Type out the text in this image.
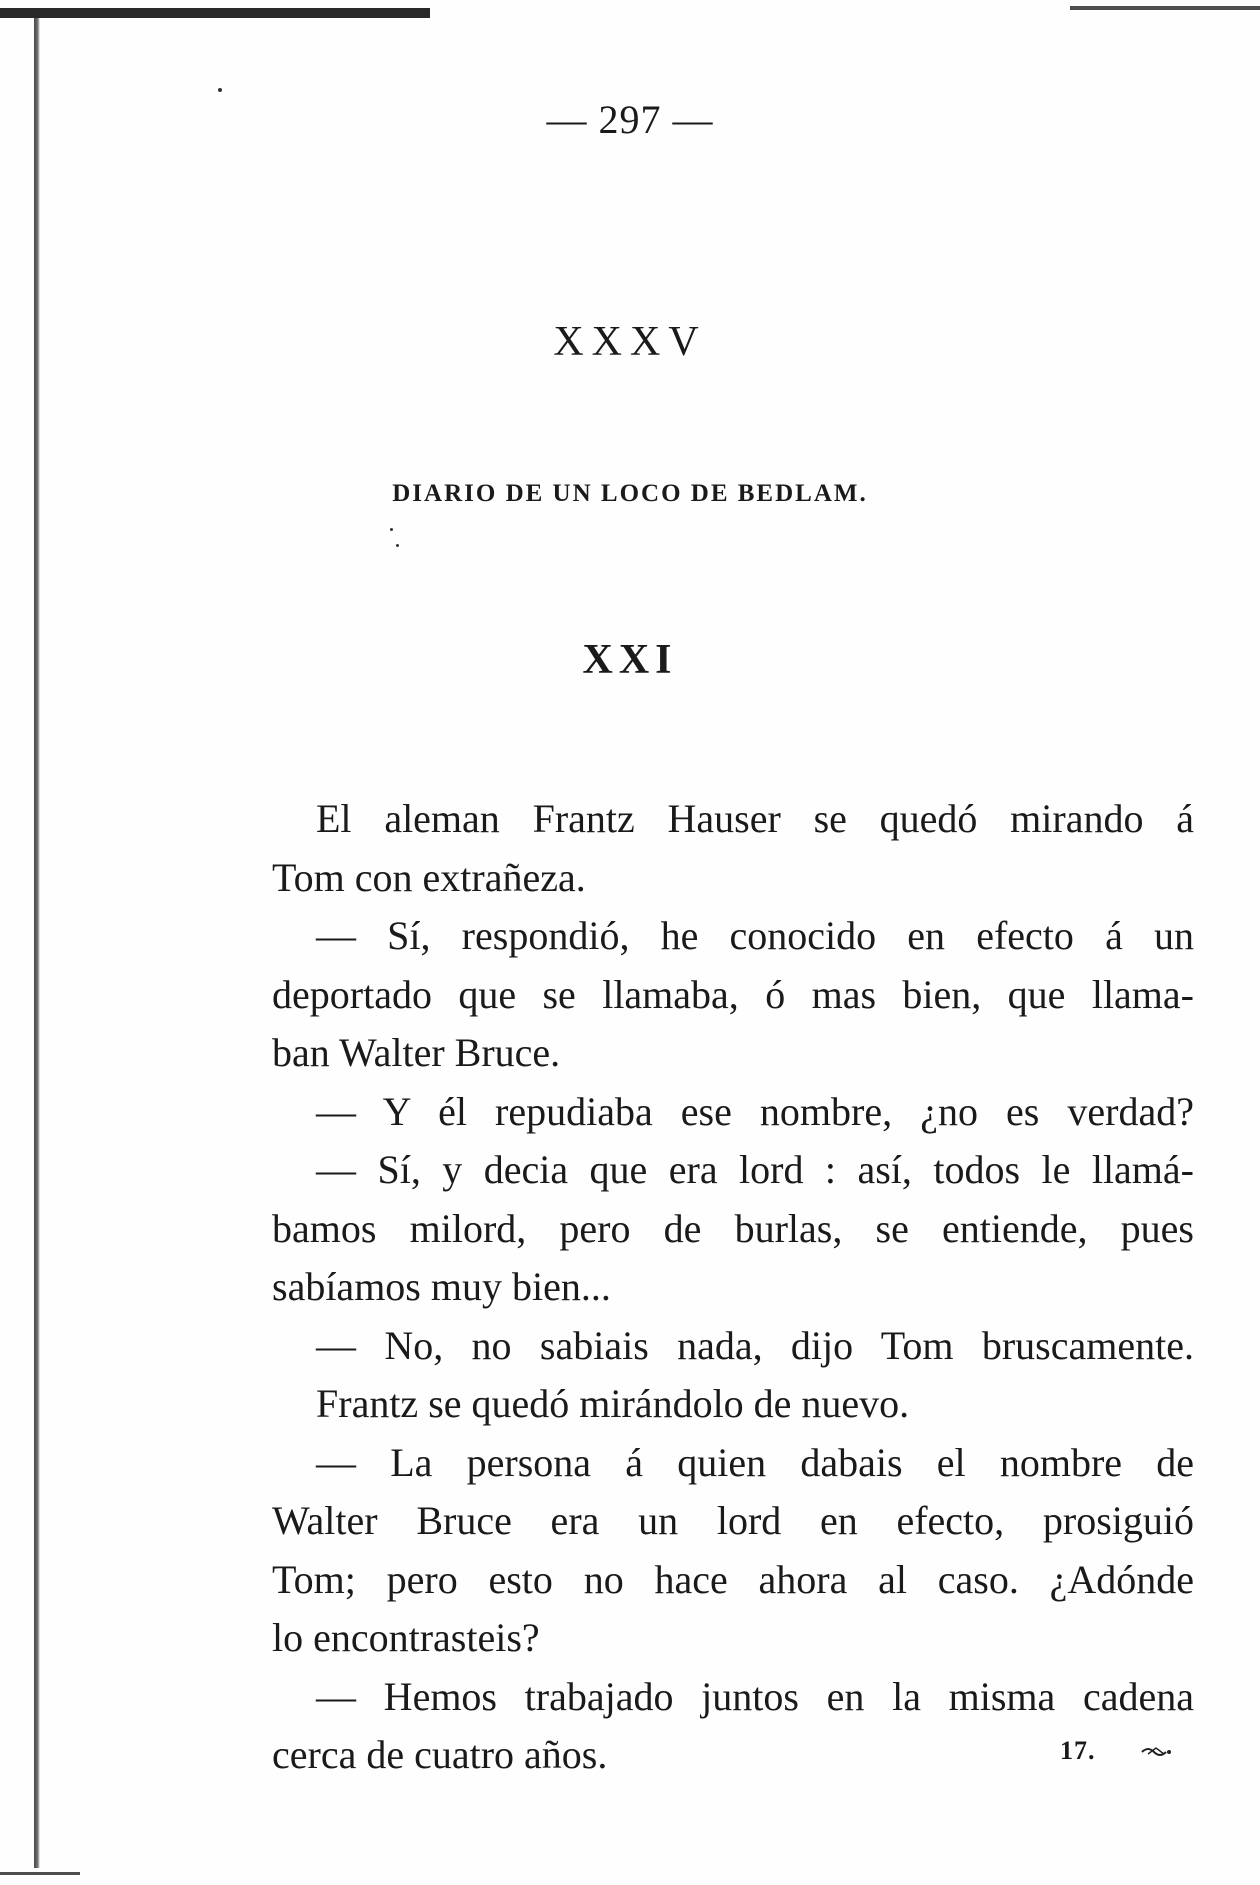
— 297 —
XXXV
DIARIO DE UN LOCO DE BEDLAM.
XXI
El aleman Frantz Hauser se quedó mirando á
Tom con extrañeza.
— Sí, respondió, he conocido en efecto á un
deportado que se llamaba, ó mas bien, que llama-
ban Walter Bruce.
— Y él repudiaba ese nombre, ¿no es verdad?
— Sí, y decia que era lord : así, todos le llamá-
bamos milord, pero de burlas, se entiende, pues
sabíamos muy bien...
— No, no sabiais nada, dijo Tom bruscamente.
Frantz se quedó mirándolo de nuevo.
— La persona á quien dabais el nombre de
Walter Bruce era un lord en efecto, prosiguió
Tom; pero esto no hace ahora al caso. ¿Adónde
lo encontrasteis?
— Hemos trabajado juntos en la misma cadena
cerca de cuatro años.	17.
